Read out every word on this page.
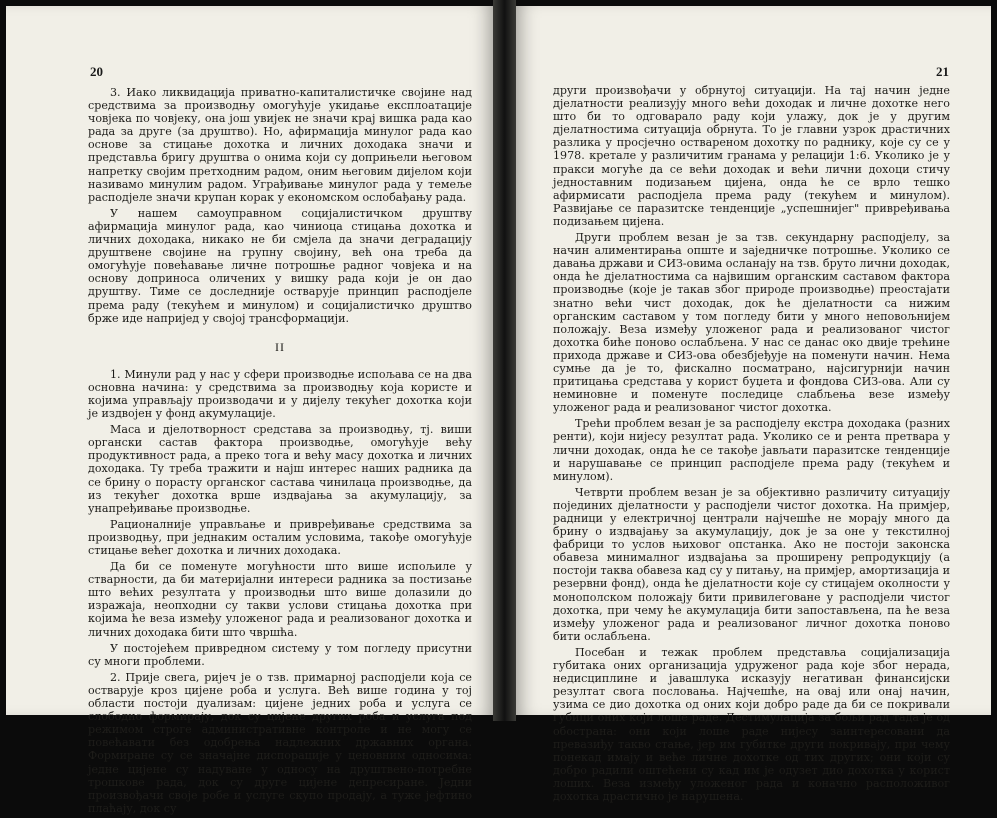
20

3. Иако ликвидација приватно-капиталистичке својине над средствима за производњу омогућује укидање експлоатације човјека по човјеку, она још увијек не значи крај вишка рада као рада за друге (за друштво). Но, афирмација минулог рада као основе за стицање дохотка и личних доходака значи и представља бригу друштва о онима који су доприњели његовом напретку својим претходним радом, оним његовим дијелом који називамо минулим радом. Уграђивање минулог рада у темеље расподјеле значи крупан корак у економском ослобађању рада.

У нашем самоуправном социјалистичком друштву афирмација минулог рада, као чиниоца стицања дохотка и личних доходака, никако не би смјела да значи деградацију друштвене својине на групну својину, већ она треба да омогућује повећавање личне потрошње радног човјека и на основу доприноса оличених у вишку рада који је он дао друштву. Тиме се доследније остварује принцип расподјеле према раду (текућем и минулом) и социјалистичко друштво брже иде напријед у својој трансформацији.

II

1. Минули рад у нас у сфери производње испољава се на два основна начина: у средствима за производњу која користе и којима управљају производачи и у дијелу текућег дохотка који је издвојен у фонд акумулације.

Маса и дјелотворност средстава за производњу, тј. виши органски састав фактора производње, омогућује већу продуктивност рада, а преко тога и већу масу дохотка и личних доходака. Ту треба тражити и најш интерес наших радника да се брину о порасту органског састава чинилаца производње, да из текућег дохотка врше издвајања за акумулацију, за унапређивање производње.

Рационалније управљање и привређивање средствима за производњу, при једнаким осталим условима, такође омогућује стицање већег дохотка и личних доходака.

Да би се поменуте могућности што више испољиле у стварности, да би материјални интереси радника за постизање што већих резултата у производњи што више долазили до изражаја, неопходни су такви услови стицања дохотка при којима ће веза између уложеног рада и реализованог дохотка и личних доходака бити што чвршћа.

У постојећем привредном систему у том погледу присутни су многи проблеми.

2. Прије свега, ријеч је о тзв. примарној расподјели која се остварује кроз цијене роба и услуга. Већ више година у тој области постоји дуализам: цијене једних роба и услуга се слободно формирају, док су цијене других роба и услуга под режимом строге административне контроле и не могу се повећавати без одобрења надлежних државних органа. Формиране су се значајне диспорације у ценовним односима: једне цијене су надуване у односу на друштвено-потребне трошкове рада, док су друге цијене депресиране. Једни произвођачи своје робе и услуге скупо продају, а тужe јефтино плаћају, док су

21

други произвођачи у обрнутој ситуацији. На тај начин једне дјелатности реализују много већи доходак и личне дохотке него што би то одговарало раду који улажу, док је у другим дјелатностима ситуација обрнута. То је главни узрок драстичних разлика у просјечно оствареном дохотку по раднику, које су се у 1978. кретале у различитим гранама у релацији 1:6. Уколико је у пракси могуће да се већи доходак и већи лични дохоци стичу једноставним подизањем цијена, онда ће се врло тешко афирмисати расподјела према раду (текућем и минулом). Развијање се паразитске тенденције „успешнијег" привређивања подизањем цијена.

Други проблем везан је за тзв. секундарну расподјелу, за начин алиментирања опште и заједничке потрошње. Уколико се давања држави и СИЗ-овима осланају на тзв. бруто лични доходак, онда ће дјелатностима са највишим органским саставом фактора производње (које је такав због природе производње) преостајати знатно већи чист доходак, док ће дјелатности са нижим органским саставом у том погледу бити у много неповољнијем положају. Веза између уложеног рада и реализованог чистог дохотка биће поново ослабљена. У нас се данас око двије трећине прихода државе и СИЗ-ова обезбјеђује на поменути начин. Нема сумње да је то, фискално посматрано, најсигурнији начин притицања средстава у корист буџета и фондова СИЗ-ова. Али су неминовне и поменуте последице слабљења везе између уложеног рада и реализованог чистог дохотка.

Трећи проблем везан је за расподјелу екстра доходака (разних ренти), који нијесу резултат рада. Уколико се и рента претвара у лични доходак, онда ће се такође јављати паразитске тенденције и нарушавање се принцип расподјеле према раду (текућем и минулом).

Четврти проблем везан је за објективно различиту ситуацију појединих дјелатности у расподјели чистог дохотка. На примјер, радници у електричној централи најчешће не морају много да брину о издвајању за акумулацију, док је за оне у текстилној фабрици то услов њиховог опстанка. Ако не постоји законска обавеза минималног издвајања за проширену репродукцију (а постоји таква обавеза кад су у питању, на примјер, амортизација и резервни фонд), онда ће дјелатности које су стицајем околности у монополском положају бити привилеговане у расподјели чистог дохотка, при чему ће акумулација бити запостављена, па ће веза између уложеног рада и реализованог личног дохотка поново бити ослабљена.

Посебан и тежак проблем представља социјализација губитака оних организација удруженог рада које због нерада, недисциплине и јавашлука исказују негативан финансијски резултат свога пословања. Најчешће, на овај или онај начин, узима се дио дохотка од оних који добро раде да би се покривали губици оних који лоше раде. Дестимулација за бољи рад тада је од обострана: они који лоше раде нијесу заинтересовани да превазиђу такво стање, јер им губитке други покривају, при чему понекад имају и веће личне дохотке од тих других; они који су добро радили оштећени су кад им је одузет дио дохотка у корист лоших. Веза између уложеног рада и коначно расположивог дохотка драстично је нарушена.
